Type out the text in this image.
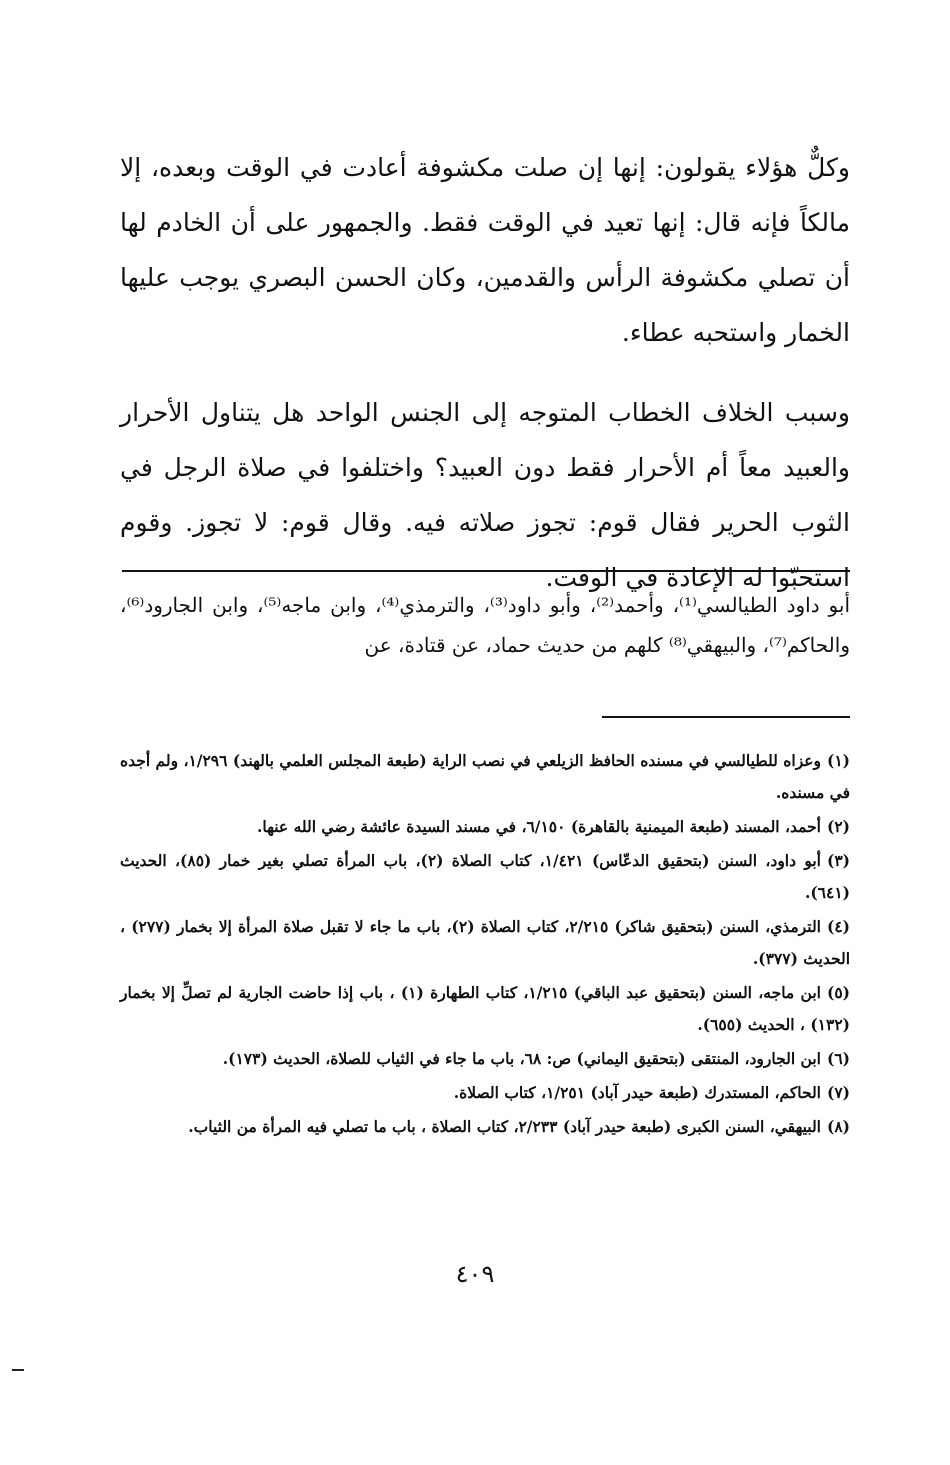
وكلٌّ هؤلاء يقولون: إنها إن صلت مكشوفة أعادت في الوقت وبعده، إلا مالكاً فإنه قال: إنها تعيد في الوقت فقط. والجمهور على أن الخادم لها أن تصلي مكشوفة الرأس والقدمين، وكان الحسن البصري يوجب عليها الخمار واستحبه عطاء.

وسبب الخلاف الخطاب المتوجه إلى الجنس الواحد هل يتناول الأحرار والعبيد معاً أم الأحرار فقط دون العبيد؟ واختلفوا في صلاة الرجل في الثوب الحرير فقال قوم: تجوز صلاته فيه. وقال قوم: لا تجوز. وقوم استحبّوا له الإعادة في الوقت.

أبو داود الطيالسي⁽¹⁾، وأحمد⁽²⁾، وأبو داود⁽³⁾، والترمذي⁽⁴⁾، وابن ماجه⁽⁵⁾، وابن الجارود⁽⁶⁾، والحاكم⁽⁷⁾، والبيهقي⁽⁸⁾ كلهم من حديث حماد، عن قتادة، عن

(١)وعزاه للطيالسي في مسنده الحافظ الزيلعي في نصب الراية (طبعة المجلس العلمي بالهند) ١/٢٩٦، ولم أجده في مسنده.
(٢)أحمد، المسند (طبعة الميمنية بالقاهرة) ٦/١٥٠، في مسند السيدة عائشة رضي الله عنها.
(٣)أبو داود، السنن (بتحقيق الدعّاس) ١/٤٢١، كتاب الصلاة (٢)، باب المرأة تصلي بغير خمار (٨٥)، الحديث (٦٤١).
(٤)الترمذي، السنن (بتحقيق شاكر) ٢/٢١٥، كتاب الصلاة (٢)، باب ما جاء لا تقبل صلاة المرأة إلا بخمار (٢٧٧) ، الحديث (٣٧٧).
(٥)ابن ماجه، السنن (بتحقيق عبد الباقي) ١/٢١٥، كتاب الطهارة (١) ، باب إذا حاضت الجارية لم تصلِّ إلا بخمار (١٣٢) ، الحديث (٦٥٥).
(٦)ابن الجارود، المنتقى (بتحقيق اليماني) ص: ٦٨، باب ما جاء في الثياب للصلاة، الحديث (١٧٣).
(٧)الحاكم، المستدرك (طبعة حيدر آباد) ١/٢٥١، كتاب الصلاة.
(٨)البيهقي، السنن الكبرى (طبعة حيدر آباد) ٢/٢٣٣، كتاب الصلاة ، باب ما تصلي فيه المرأة من الثياب.
٤٠٩
